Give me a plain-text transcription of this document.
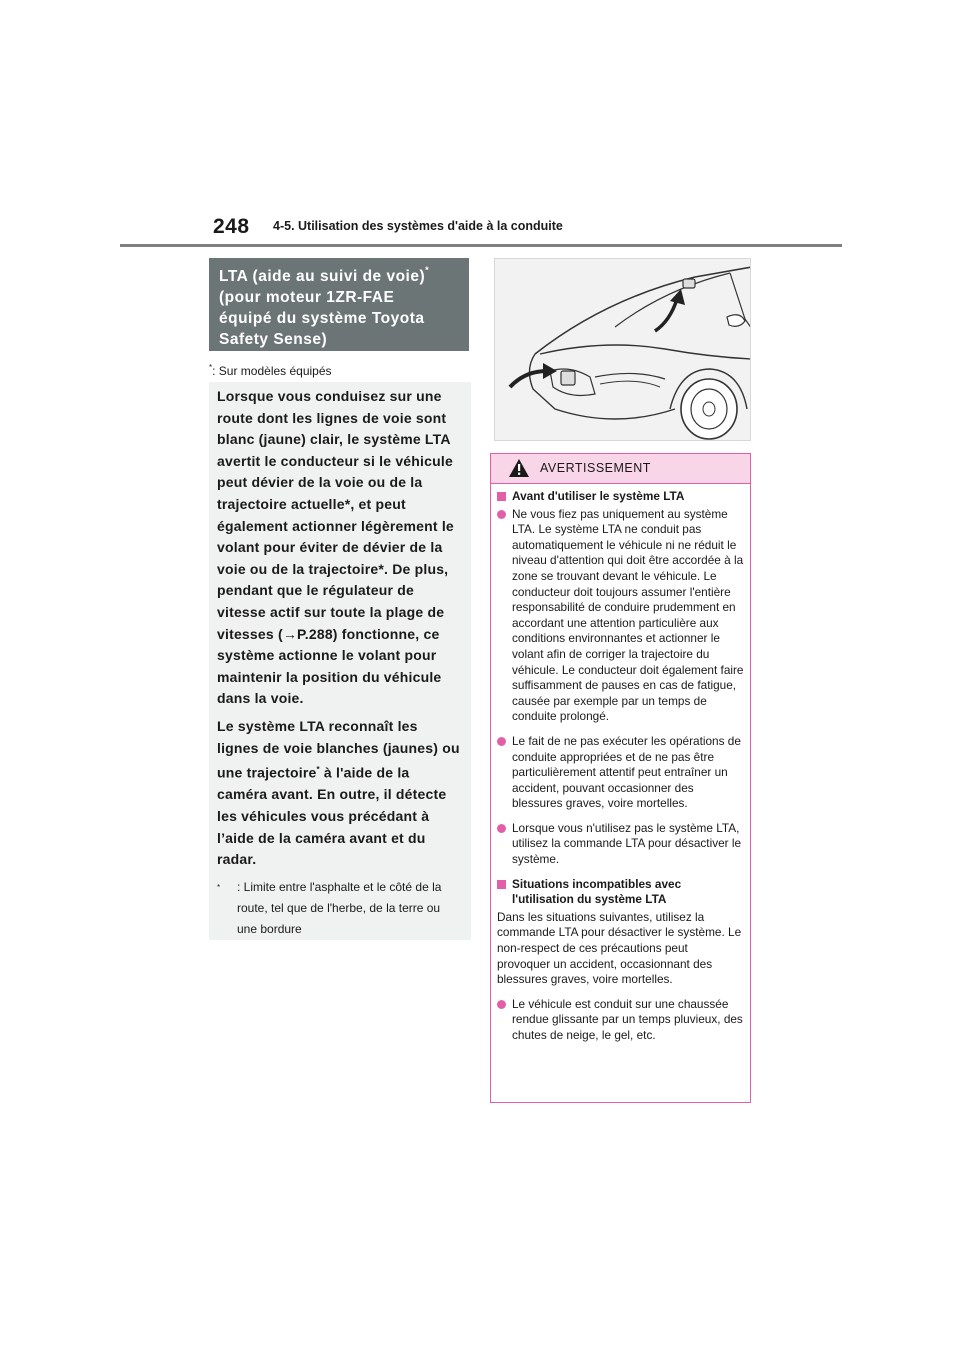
248 4-5. Utilisation des systèmes d'aide à la conduite
LTA (aide au suivi de voie)*
(pour moteur 1ZR-FAE
équipé du système Toyota
Safety Sense)
*: Sur modèles équipés

Lorsque vous conduisez sur une route dont les lignes de voie sont blanc (jaune) clair, le système LTA avertit le conducteur si le véhicule peut dévier de la voie ou de la trajectoire actuelle*, et peut également actionner légèrement le volant pour éviter de dévier de la voie ou de la trajectoire*. De plus, pendant que le régulateur de vitesse actif sur toute la plage de vitesses (→P.288) fonctionne, ce système actionne le volant pour maintenir la position du véhicule dans la voie.

Le système LTA reconnaît les lignes de voie blanches (jaunes) ou une trajectoire* à l'aide de la caméra avant. En outre, il détecte les véhicules vous précédant à l’aide de la caméra avant et du radar.

*	: Limite entre l'asphalte et le côté de la route, tel que de l'herbe, de la terre ou une bordure
AVERTISSEMENT
Avant d'utiliser le système LTA
Ne vous fiez pas uniquement au système LTA. Le système LTA ne conduit pas automatiquement le véhicule ni ne réduit le niveau d'attention qui doit être accordée à la zone se trouvant devant le véhicule. Le conducteur doit toujours assumer l'entière responsabilité de conduire prudemment en accordant une attention particulière aux conditions environnantes et actionner le volant afin de corriger la trajectoire du véhicule. Le conducteur doit également faire suffisamment de pauses en cas de fatigue, causée par exemple par un temps de conduite prolongé.
Le fait de ne pas exécuter les opérations de conduite appropriées et de ne pas être particulièrement attentif peut entraîner un accident, pouvant occasionner des blessures graves, voire mortelles.
Lorsque vous n'utilisez pas le système LTA, utilisez la commande LTA pour désactiver le système.
Situations incompatibles avec l'utilisation du système LTA
Dans les situations suivantes, utilisez la commande LTA pour désactiver le système. Le non-respect de ces précautions peut provoquer un accident, occasionnant des blessures graves, voire mortelles.
Le véhicule est conduit sur une chaussée rendue glissante par un temps pluvieux, des chutes de neige, le gel, etc.
